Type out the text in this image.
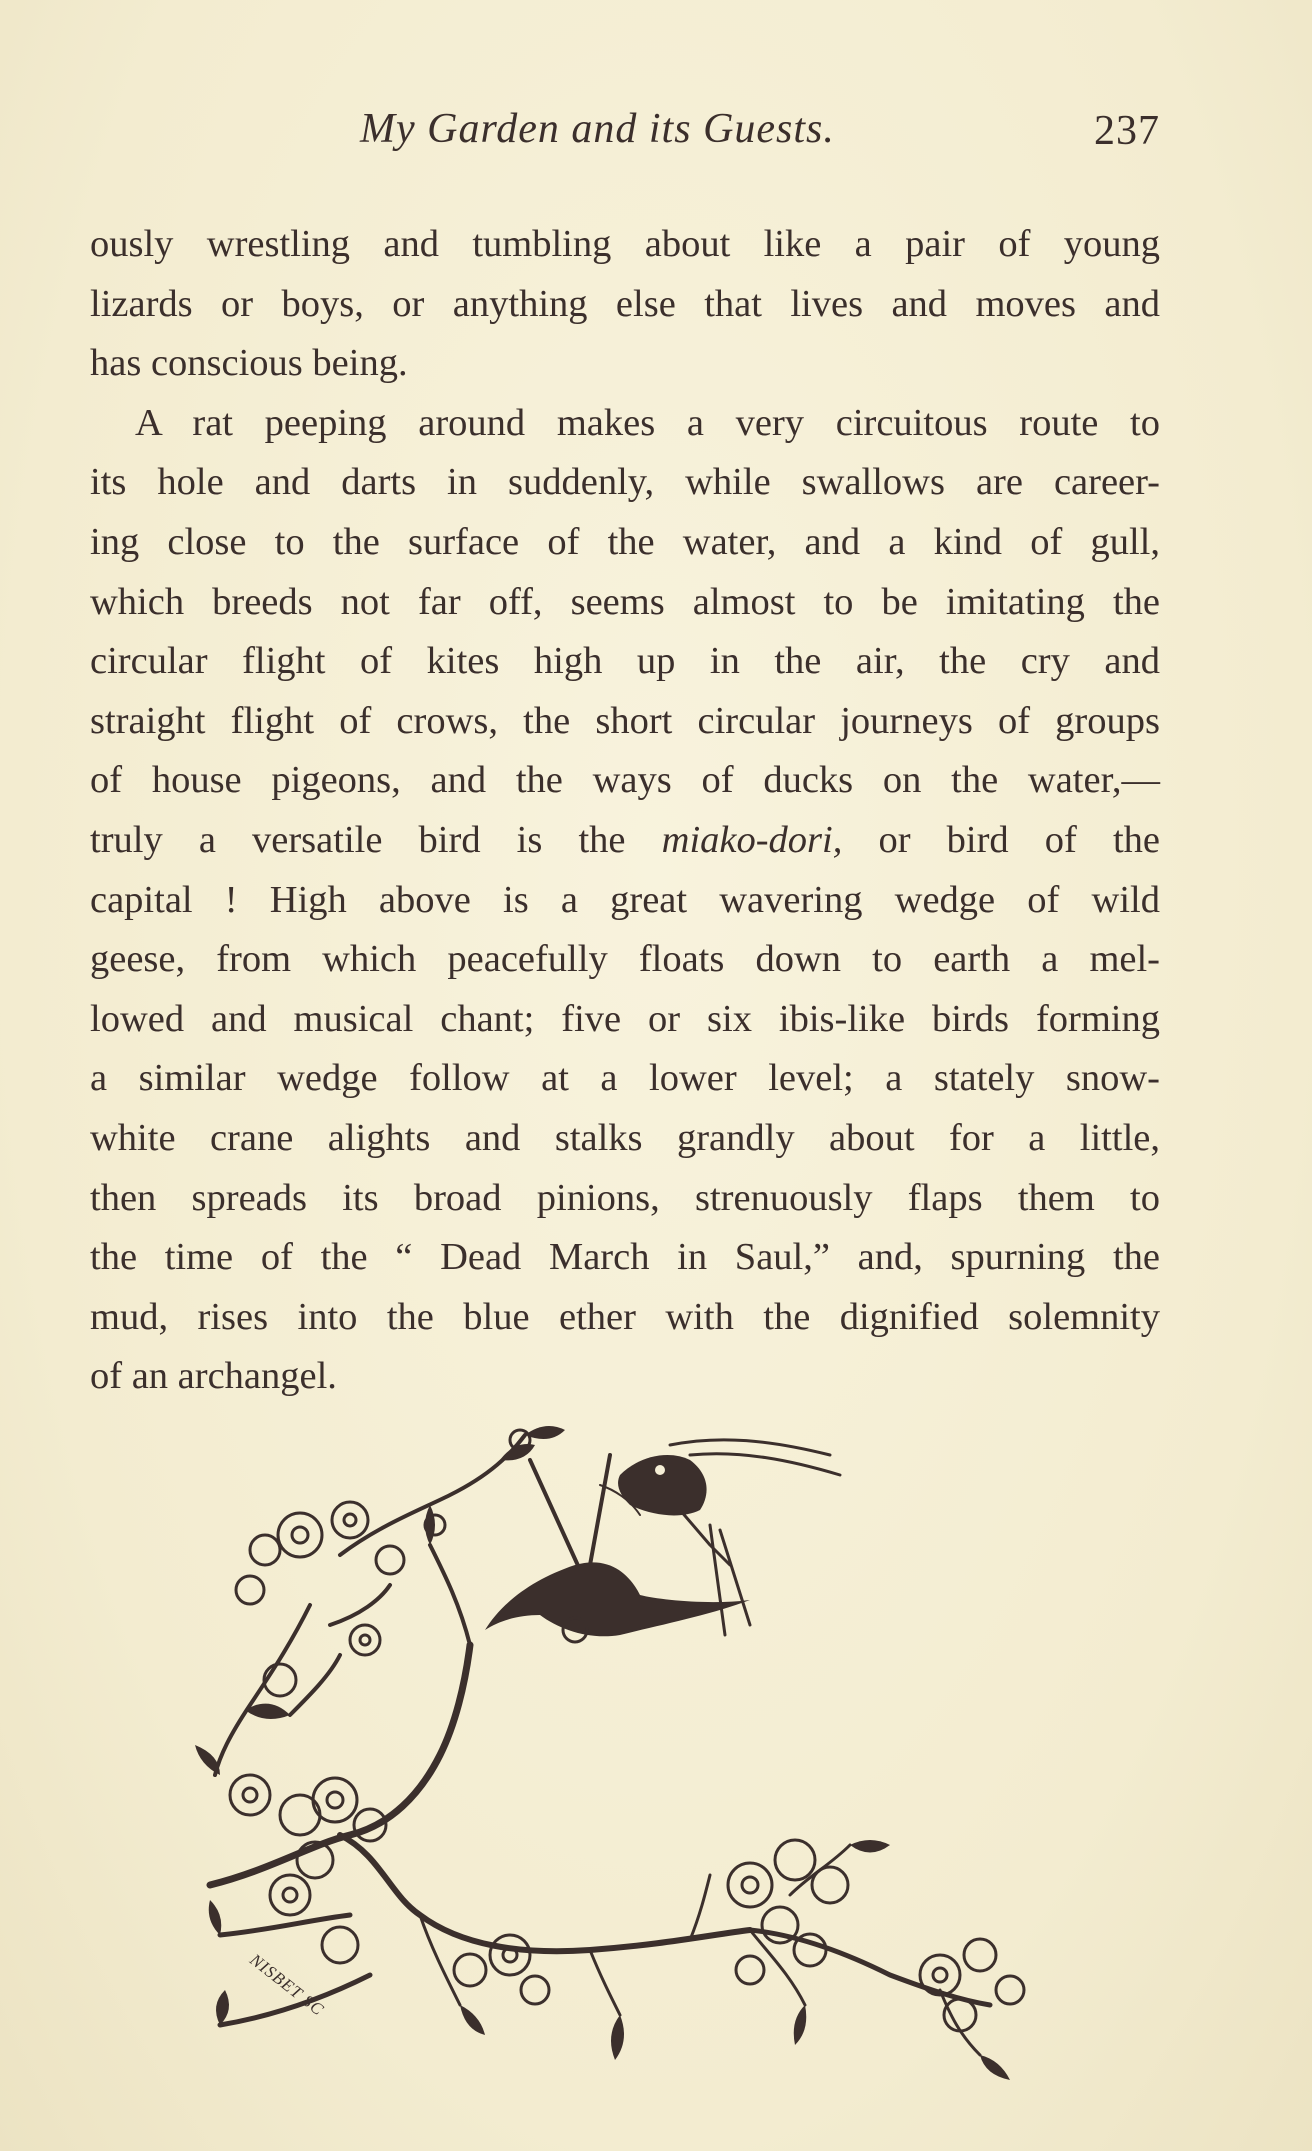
My Garden and its Guests.	237
ously wrestling and tumbling about like a pair of young
lizards or boys, or anything else that lives and moves and
has conscious being.
A rat peeping around makes a very circuitous route to
its hole and darts in suddenly, while swallows are career-
ing close to the surface of the water, and a kind of gull,
which breeds not far off, seems almost to be imitating the
circular flight of kites high up in the air, the cry and
straight flight of crows, the short circular journeys of groups
of house pigeons, and the ways of ducks on the water,—
truly a versatile bird is the miako-dori, or bird of the
capital ! High above is a great wavering wedge of wild
geese, from which peacefully floats down to earth a mel-
lowed and musical chant; five or six ibis-like birds forming
a similar wedge follow at a lower level; a stately snow-
white crane alights and stalks grandly about for a little,
then spreads its broad pinions, strenuously flaps them to
the time of the “ Dead March in Saul,” and, spurning the
mud, rises into the blue ether with the dignified solemnity
of an archangel.
NISBET SC
